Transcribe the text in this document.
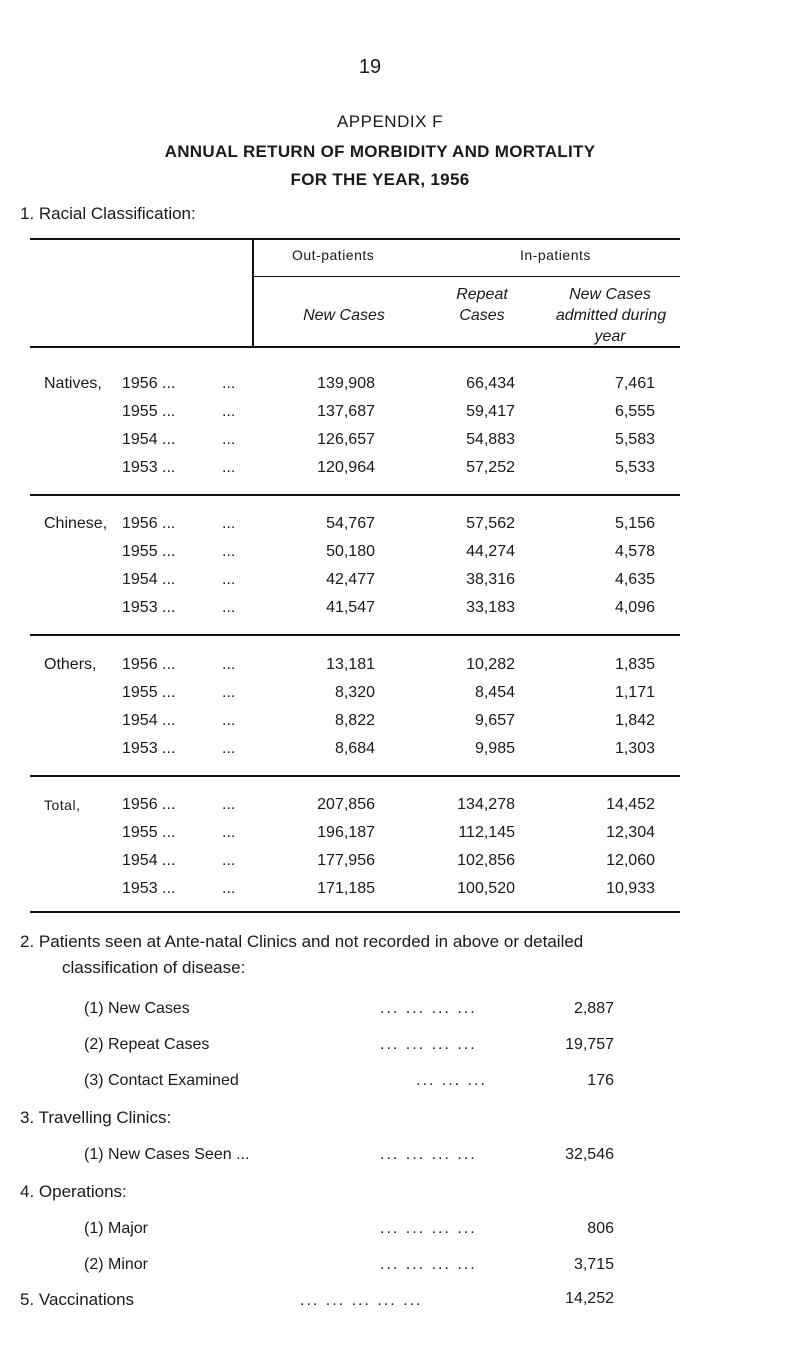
19
APPENDIX F
ANNUAL RETURN OF MORBIDITY AND MORTALITY
FOR THE YEAR, 1956
1. Racial Classification:
Out-patients	In-patients
New Cases
Repeat
Cases
New Cases
admitted during
year
Natives, 1956 ...	...	139,908	66,434	7,461
1955 ...	...	137,687	59,417	6,555
1954 ...	...	126,657	54,883	5,583
1953 ...	...	120,964	57,252	5,533
Chinese, 1956 ...	...	54,767	57,562	5,156
1955 ...	...	50,180	44,274	4,578
1954 ...	...	42,477	38,316	4,635
1953 ...	...	41,547	33,183	4,096
Others, 1956 ...	...	13,181	10,282	1,835
1955 ...	...	8,320	8,454	1,171
1954 ...	...	8,822	9,657	1,842
1953 ...	...	8,684	9,985	1,303
Total,	1956 ...	...	207,856	134,278	14,452
1955 ...	...	196,187	112,145	12,304
1954 ...	...	177,956	102,856	12,060
1953 ...	...	171,185	100,520	10,933
2. Patients seen at Ante-natal Clinics and not recorded in above or detailed
classification of disease:
(1) New Cases	... ... ... ...	2,887
(2) Repeat Cases	... ... ... ...	19,757
(3) Contact Examined	... ... ...	176
3. Travelling Clinics:
(1) New Cases Seen ...	... ... ... ...	32,546
4. Operations:
(1) Major	... ... ... ...	806
(2) Minor	... ... ... ...	3,715
5. Vaccinations	... ... ... ... ...	14,252
